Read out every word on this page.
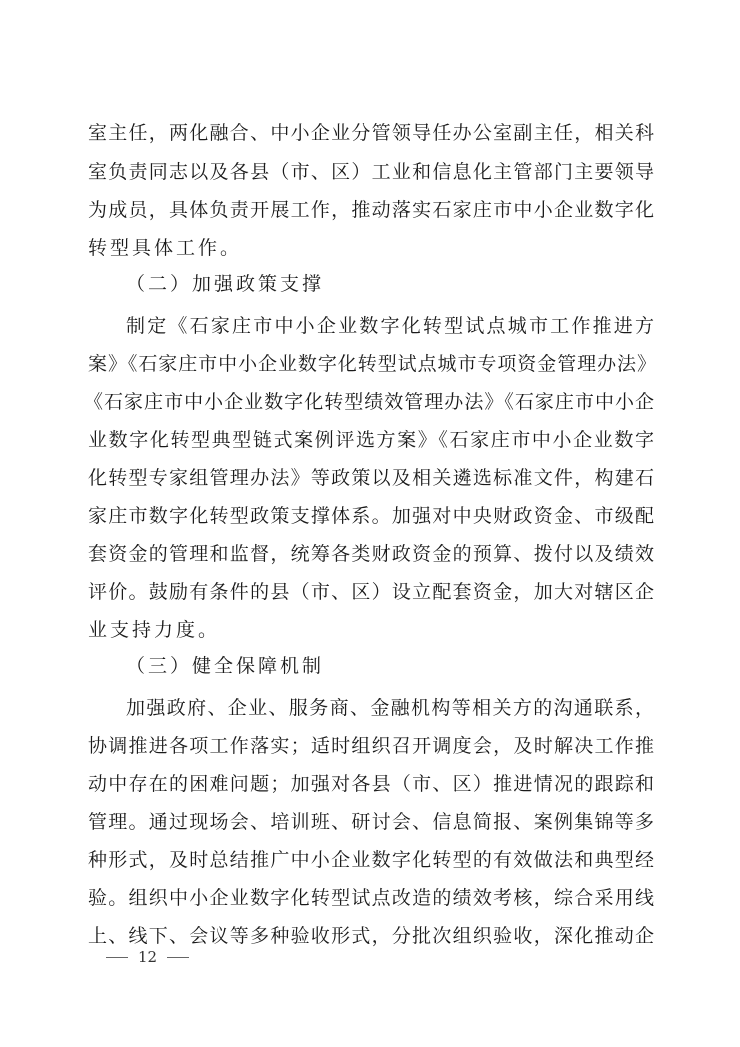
室主任，两化融合、中小企业分管领导任办公室副主任，相关科
室负责同志以及各县（市、区）工业和信息化主管部门主要领导
为成员，具体负责开展工作，推动落实石家庄市中小企业数字化
转型具体工作。
（二）加强政策支撑
制定《石家庄市中小企业数字化转型试点城市工作推进方
案》《石家庄市中小企业数字化转型试点城市专项资金管理办法》
《石家庄市中小企业数字化转型绩效管理办法》《石家庄市中小企
业数字化转型典型链式案例评选方案》《石家庄市中小企业数字
化转型专家组管理办法》等政策以及相关遴选标准文件，构建石
家庄市数字化转型政策支撑体系。加强对中央财政资金、市级配
套资金的管理和监督，统筹各类财政资金的预算、拨付以及绩效
评价。鼓励有条件的县（市、区）设立配套资金，加大对辖区企
业支持力度。
（三）健全保障机制
加强政府、企业、服务商、金融机构等相关方的沟通联系，
协调推进各项工作落实；适时组织召开调度会，及时解决工作推
动中存在的困难问题；加强对各县（市、区）推进情况的跟踪和
管理。通过现场会、培训班、研讨会、信息简报、案例集锦等多
种形式，及时总结推广中小企业数字化转型的有效做法和典型经
验。组织中小企业数字化转型试点改造的绩效考核，综合采用线
上、线下、会议等多种验收形式，分批次组织验收，深化推动企
12
